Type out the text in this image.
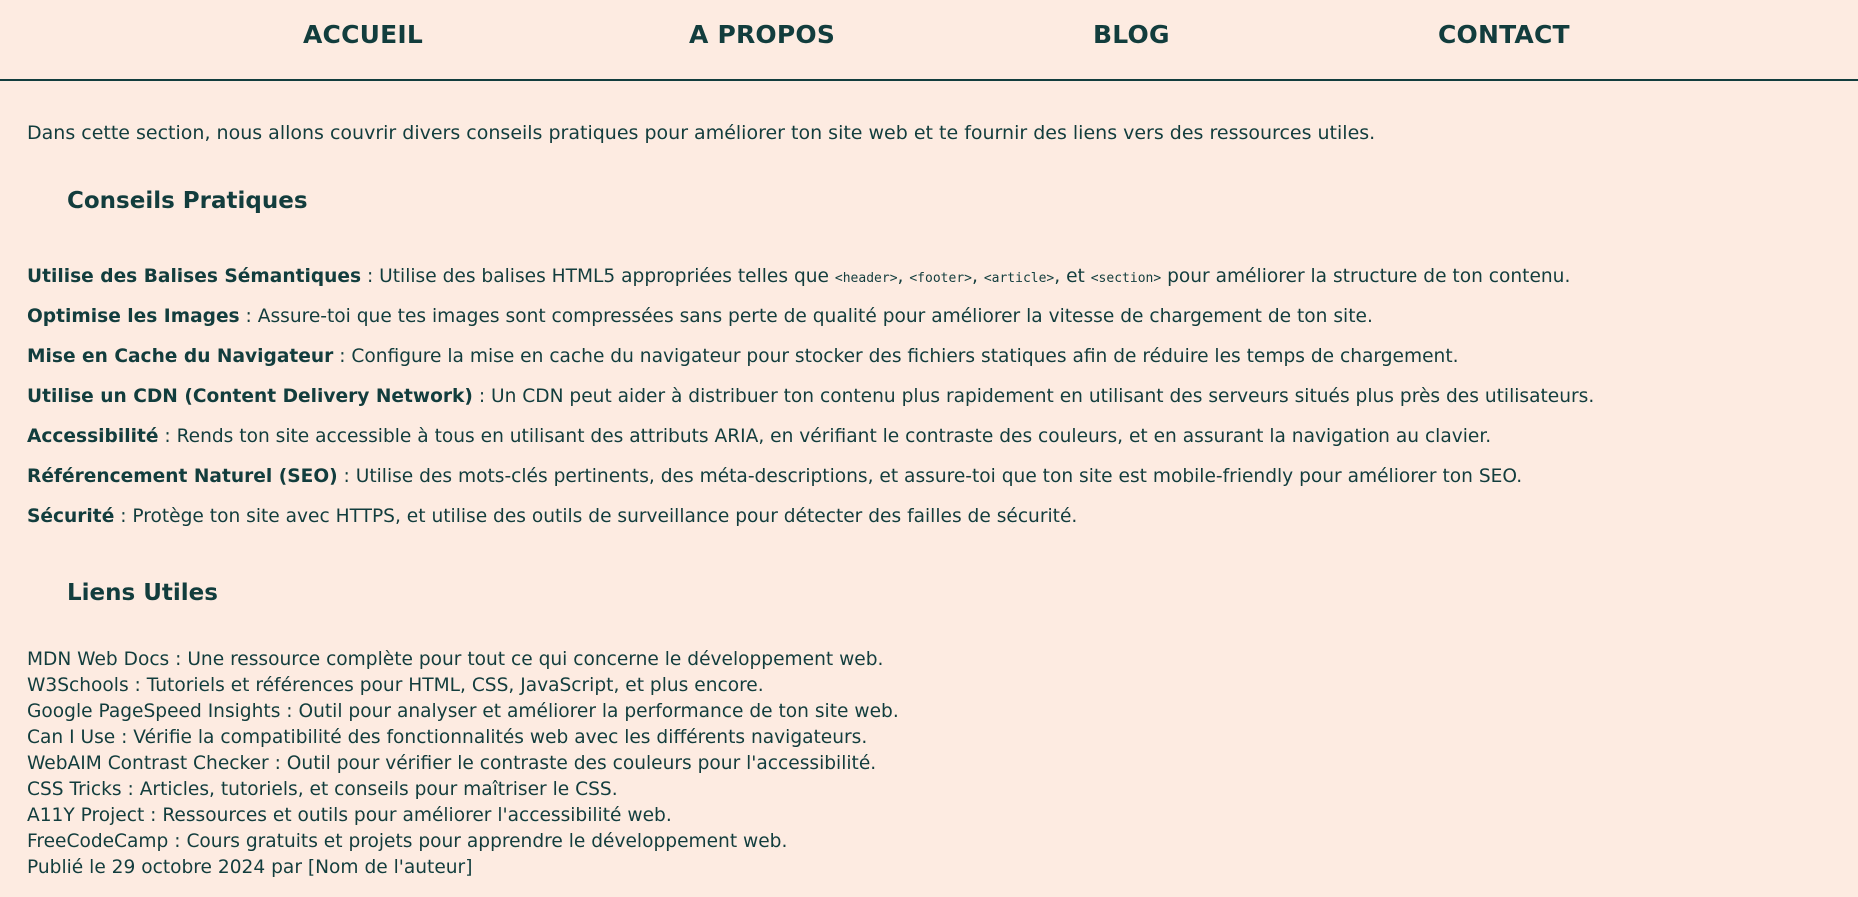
ACCUEIL	A PROPOS	BLOG	CONTACT

Dans cette section, nous allons couvrir divers conseils pratiques pour améliorer ton site web et te fournir des liens vers des ressources utiles.

Conseils Pratiques
Utilise des Balises Sémantiques : Utilise des balises HTML5 appropriées telles que <header>, <footer>, <article>, et <section> pour améliorer la structure de ton contenu.
Optimise les Images : Assure-toi que tes images sont compressées sans perte de qualité pour améliorer la vitesse de chargement de ton site.
Mise en Cache du Navigateur : Configure la mise en cache du navigateur pour stocker des fichiers statiques afin de réduire les temps de chargement.
Utilise un CDN (Content Delivery Network) : Un CDN peut aider à distribuer ton contenu plus rapidement en utilisant des serveurs situés plus près des utilisateurs.
Accessibilité : Rends ton site accessible à tous en utilisant des attributs ARIA, en vérifiant le contraste des couleurs, et en assurant la navigation au clavier.
Référencement Naturel (SEO) : Utilise des mots-clés pertinents, des méta-descriptions, et assure-toi que ton site est mobile-friendly pour améliorer ton SEO.
Sécurité : Protège ton site avec HTTPS, et utilise des outils de surveillance pour détecter des failles de sécurité.
Liens Utiles
MDN Web Docs : Une ressource complète pour tout ce qui concerne le développement web.
W3Schools : Tutoriels et références pour HTML, CSS, JavaScript, et plus encore.
Google PageSpeed Insights : Outil pour analyser et améliorer la performance de ton site web.
Can I Use : Vérifie la compatibilité des fonctionnalités web avec les différents navigateurs.
WebAIM Contrast Checker : Outil pour vérifier le contraste des couleurs pour l'accessibilité.
CSS Tricks : Articles, tutoriels, et conseils pour maîtriser le CSS.
A11Y Project : Ressources et outils pour améliorer l'accessibilité web.
FreeCodeCamp : Cours gratuits et projets pour apprendre le développement web.

Publié le 29 octobre 2024 par [Nom de l'auteur]
